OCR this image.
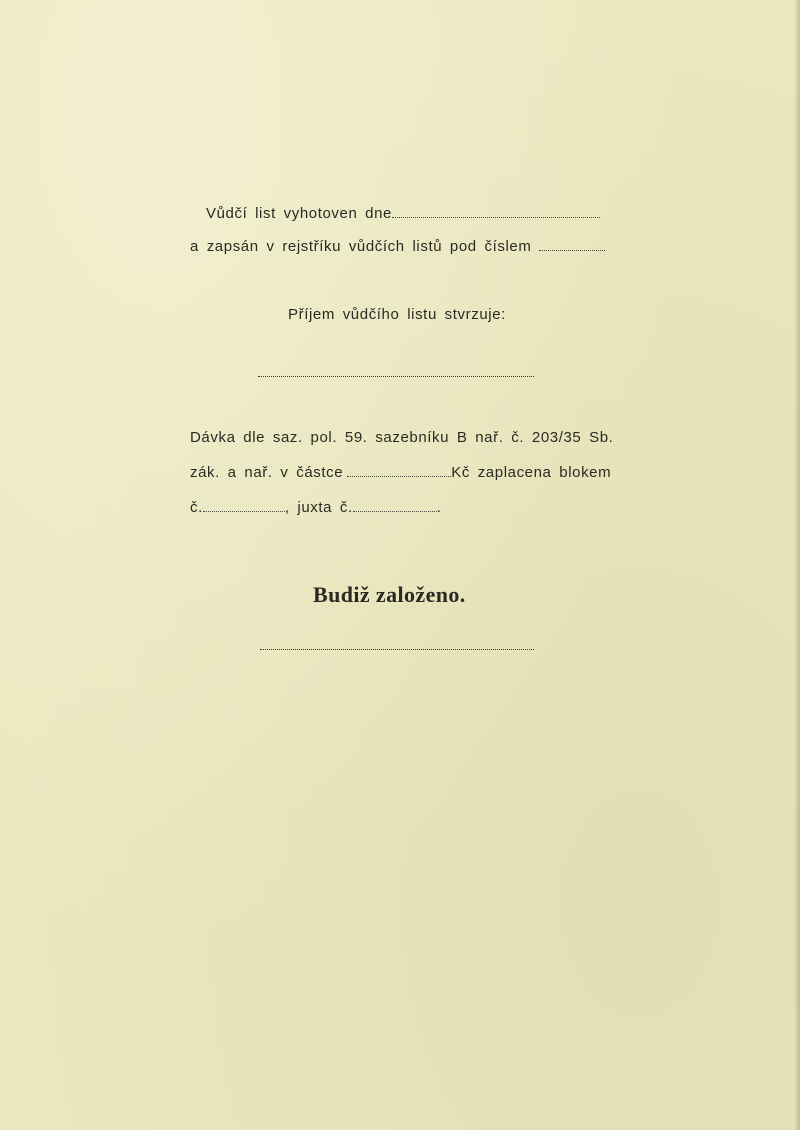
Vůdčí list vyhotoven dne
a zapsán v rejstříku vůdčích listů pod číslem
Příjem vůdčího listu stvrzuje:
Dávka dle saz. pol. 59. sazebníku B nař. č. 203/35 Sb.
zák. a nař. v částce	Kč zaplacena blokem
č.	, juxta č.	.
Budiž založeno.
